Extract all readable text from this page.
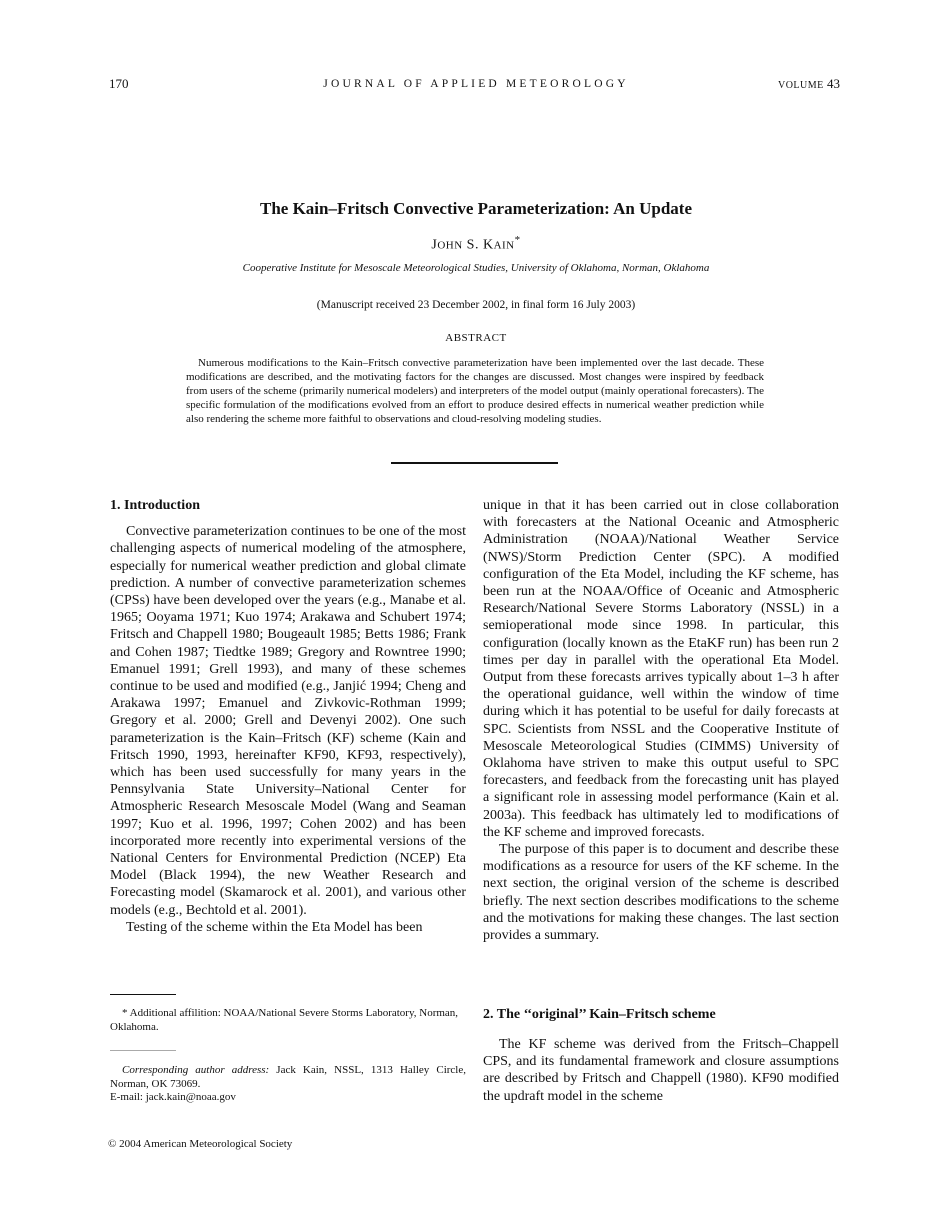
170	JOURNAL OF APPLIED METEOROLOGY	VOLUME 43
The Kain–Fritsch Convective Parameterization: An Update
JOHN S. KAIN*
Cooperative Institute for Mesoscale Meteorological Studies, University of Oklahoma, Norman, Oklahoma
(Manuscript received 23 December 2002, in final form 16 July 2003)
ABSTRACT

Numerous modifications to the Kain–Fritsch convective parameterization have been implemented over the last decade. These modifications are described, and the motivating factors for the changes are discussed. Most changes were inspired by feedback from users of the scheme (primarily numerical modelers) and interpreters of the model output (mainly operational forecasters). The specific formulation of the modifications evolved from an effort to produce desired effects in numerical weather prediction while also rendering the scheme more faithful to observations and cloud-resolving modeling studies.

1. Introduction

Convective parameterization continues to be one of the most challenging aspects of numerical modeling of the atmosphere, especially for numerical weather prediction and global climate prediction. A number of convective parameterization schemes (CPSs) have been developed over the years (e.g., Manabe et al. 1965; Ooyama 1971; Kuo 1974; Arakawa and Schubert 1974; Fritsch and Chappell 1980; Bougeault 1985; Betts 1986; Frank and Cohen 1987; Tiedtke 1989; Gregory and Rowntree 1990; Emanuel 1991; Grell 1993), and many of these schemes continue to be used and modified (e.g., Janjić 1994; Cheng and Arakawa 1997; Emanuel and Zivkovic-Rothman 1999; Gregory et al. 2000; Grell and Devenyi 2002). One such parameterization is the Kain–Fritsch (KF) scheme (Kain and Fritsch 1990, 1993, hereinafter KF90, KF93, respectively), which has been used successfully for many years in the Pennsylvania State University–National Center for Atmospheric Research Mesoscale Model (Wang and Seaman 1997; Kuo et al. 1996, 1997; Cohen 2002) and has been incorporated more recently into experimental versions of the National Centers for Environmental Prediction (NCEP) Eta Model (Black 1994), the new Weather Research and Forecasting model (Skamarock et al. 2001), and various other models (e.g., Bechtold et al. 2001).

Testing of the scheme within the Eta Model has been

unique in that it has been carried out in close collaboration with forecasters at the National Oceanic and Atmospheric Administration (NOAA)/National Weather Service (NWS)/Storm Prediction Center (SPC). A modified configuration of the Eta Model, including the KF scheme, has been run at the NOAA/Office of Oceanic and Atmospheric Research/National Severe Storms Laboratory (NSSL) in a semioperational mode since 1998. In particular, this configuration (locally known as the EtaKF run) has been run 2 times per day in parallel with the operational Eta Model. Output from these forecasts arrives typically about 1–3 h after the operational guidance, well within the window of time during which it has potential to be useful for daily forecasts at SPC. Scientists from NSSL and the Cooperative Institute of Mesoscale Meteorological Studies (CIMMS) University of Oklahoma have striven to make this output useful to SPC forecasters, and feedback from the forecasting unit has played a significant role in assessing model performance (Kain et al. 2003a). This feedback has ultimately led to modifications of the KF scheme and improved forecasts.

The purpose of this paper is to document and describe these modifications as a resource for users of the KF scheme. In the next section, the original version of the scheme is described briefly. The next section describes modifications to the scheme and the motivations for making these changes. The last section provides a summary.

2. The ‘‘original’’ Kain–Fritsch scheme

The KF scheme was derived from the Fritsch–Chappell CPS, and its fundamental framework and closure assumptions are described by Fritsch and Chappell (1980). KF90 modified the updraft model in the scheme

* Additional affilition: NOAA/National Severe Storms Laboratory, Norman, Oklahoma.

Corresponding author address: Jack Kain, NSSL, 1313 Halley Circle, Norman, OK 73069.

E-mail: jack.kain@noaa.gov
© 2004 American Meteorological Society
